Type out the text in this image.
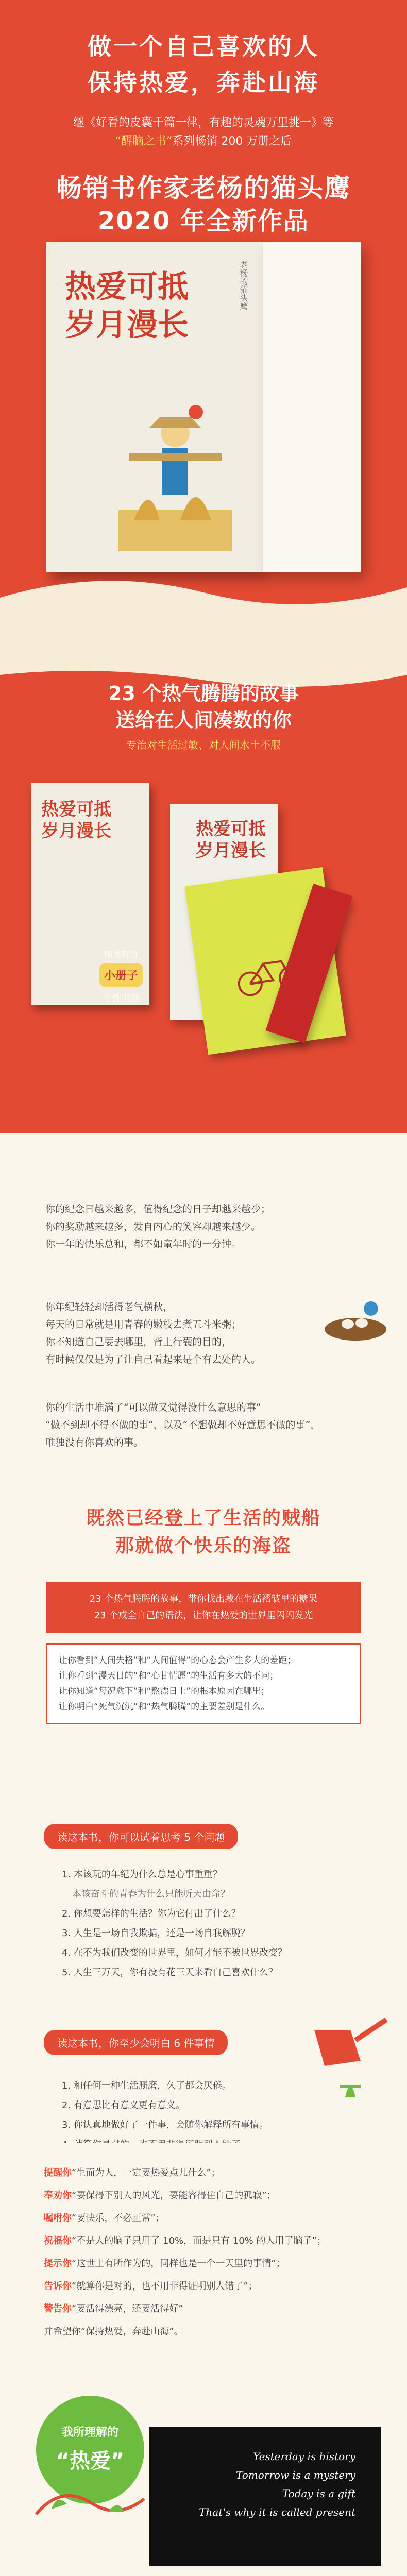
做一个自己喜欢的人
保持热爱，奔赴山海
继《好看的皮囊千篇一律，有趣的灵魂万里挑一》等
“醒脑之书”系列畅销 200 万册之后
畅销书作家老杨的猫头鹰
2020 年全新作品
热爱可抵
岁月漫长
老杨的猫头鹰
23 个热气腾腾的故事
送给在人间凑数的你
专治对生活过敏、对人间水土不服
热爱可抵
岁月漫长	热爱可抵
岁月漫长
随书附赠
小册子
个性书签
你的纪念日越来越多，值得纪念的日子却越来越少；
你的奖励越来越多，发自内心的笑容却越来越少。
你一年的快乐总和，都不如童年时的一分钟。
你年纪轻轻却活得老气横秋，
每天的日常就是用青春的嫩枝去煮五斗米粥；
你不知道自己要去哪里，背上行囊的目的，
有时候仅仅是为了让自己看起来是个有去处的人。
你的生活中堆满了“可以做又觉得没什么意思的事”
“做不到却不得不做的事”，以及“不想做却不好意思不做的事”，
唯独没有你喜欢的事。
既然已经登上了生活的贼船
那就做个快乐的海盗
23 个热气腾腾的故事，带你找出藏在生活褶皱里的糖果
23 个戒全自己的语法，让你在热爱的世界里闪闪发光
让你看到“人间失格”和“人间值得”的心态会产生多大的差距；
让你看到“漫天目的”和“心甘情愿”的生活有多大的不同；
让你知道“每况愈下”和“熬漂日上”的根本原因在哪里；
让你明白“死气沉沉”和“热气腾腾”的主要差别是什么。
读这本书，你可以试着思考 5 个问题
1. 本该玩的年纪为什么总是心事重重？
本该奋斗的青春为什么只能听天由命？
2. 你想要怎样的生活？你为它付出了什么？
3. 人生是一场自我欺骗，还是一场自我解脱？
4. 在不为我们改变的世界里，如何才能不被世界改变？
5. 人生三万天，你有没有花三天来看自己喜欢什么？
读这本书，你至少会明白 6 件事情
1. 和任何一种生活厮磨，久了都会厌倦。
2. 有意思比有意义更有意义。
3. 你认真地做好了一件事，会随你解释所有事情。
提醒你“生而为人，一定要热爱点儿什么”；
奉劝你“要保得下别人的风光，要能容得住自己的孤寂”；
嘱咐你“要快乐，不必正常”；
祝福你“不是人的脑子只用了 10%，而是只有 10% 的人用了脑子”；
提示你“这世上有所作为的，同样也是一个一天里的事情”；
告诉你“就算你是对的，也不用非得证明别人错了”；
警告你“要活得漂亮，还要活得好”
并希望你“保持热爱，奔赴山海”。
Yesterday is history
Tomorrow is a mystery
Today is a gift
That's why it is called present
我所理解的
“热爱”
